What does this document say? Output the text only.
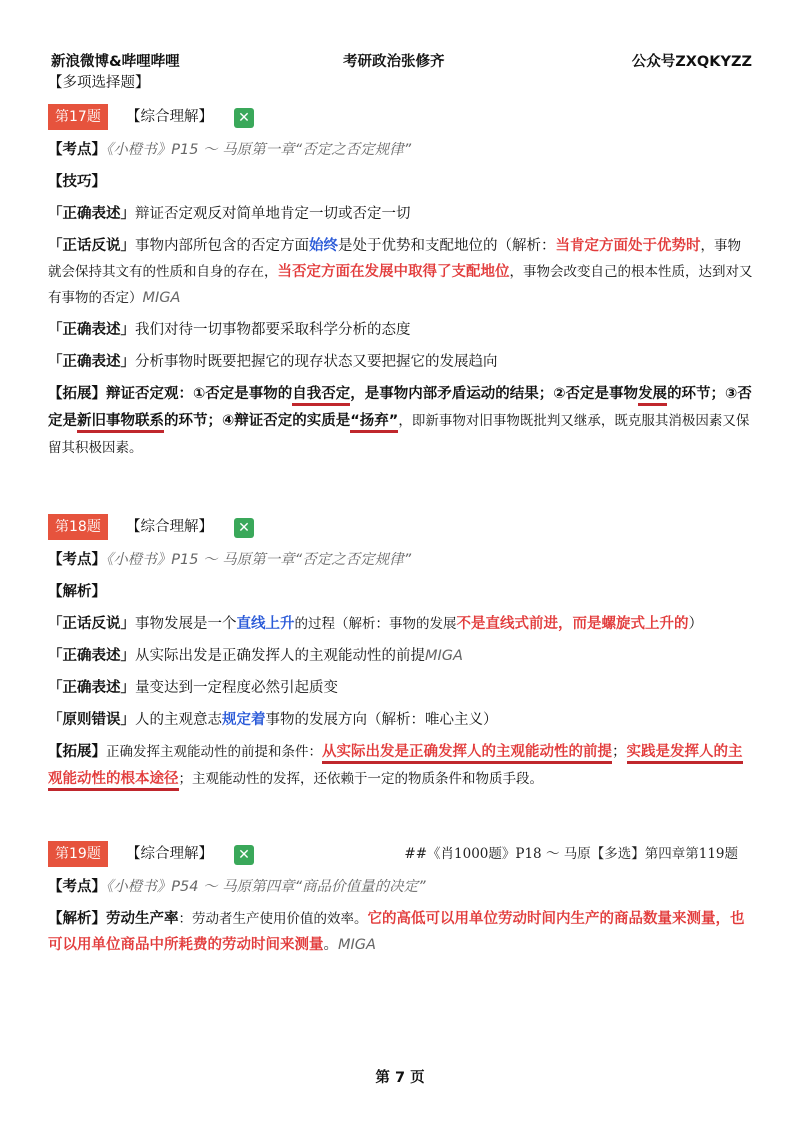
新浪微博&哔哩哔哩	考研政治张修齐	公众号ZXQKYZZ
【多项选择题】
第17题	【综合理解】 ✕
【考点】《小橙书》P15 ～ 马原第一章“否定之否定规律”
【技巧】
「正确表述」辩证否定观反对简单地肯定一切或否定一切
「正话反说」事物内部所包含的否定方面始终是处于优势和支配地位的（解析：当肯定方面处于优势时，事物就会保持其文有的性质和自身的存在，当否定方面在发展中取得了支配地位，事物会改变自己的根本性质，达到对又有事物的否定）MIGA
「正确表述」我们对待一切事物都要采取科学分析的态度
「正确表述」分析事物时既要把握它的现存状态又要把握它的发展趋向
【拓展】辩证否定观：①否定是事物的自我否定，是事物内部矛盾运动的结果；②否定是事物发展的环节；③否定是新旧事物联系的环节；④辩证否定的实质是“扬弃”，即新事物对旧事物既批判又继承，既克服其消极因素又保留其积极因素。
第18题	【综合理解】 ✕
【考点】《小橙书》P15 ～ 马原第一章“否定之否定规律”
【解析】
「正话反说」事物发展是一个直线上升的过程（解析：事物的发展不是直线式前进，而是螺旋式上升的）
「正确表述」从实际出发是正确发挥人的主观能动性的前提MIGA
「正确表述」量变达到一定程度必然引起质变
「原则错误」人的主观意志规定着事物的发展方向（解析：唯心主义）
【拓展】正确发挥主观能动性的前提和条件：从实际出发是正确发挥人的主观能动性的前提；实践是发挥人的主观能动性的根本途径；主观能动性的发挥，还依赖于一定的物质条件和物质手段。
第19题	【综合理解】 ✕	##《肖1000题》P18 ～ 马原【多选】第四章第119题
【考点】《小橙书》P54 ～ 马原第四章“商品价值量的决定”
【解析】劳动生产率：劳动者生产使用价值的效率。它的高低可以用单位劳动时间内生产的商品数量来测量，也可以用单位商品中所耗费的劳动时间来测量。MIGA
第 7 页
